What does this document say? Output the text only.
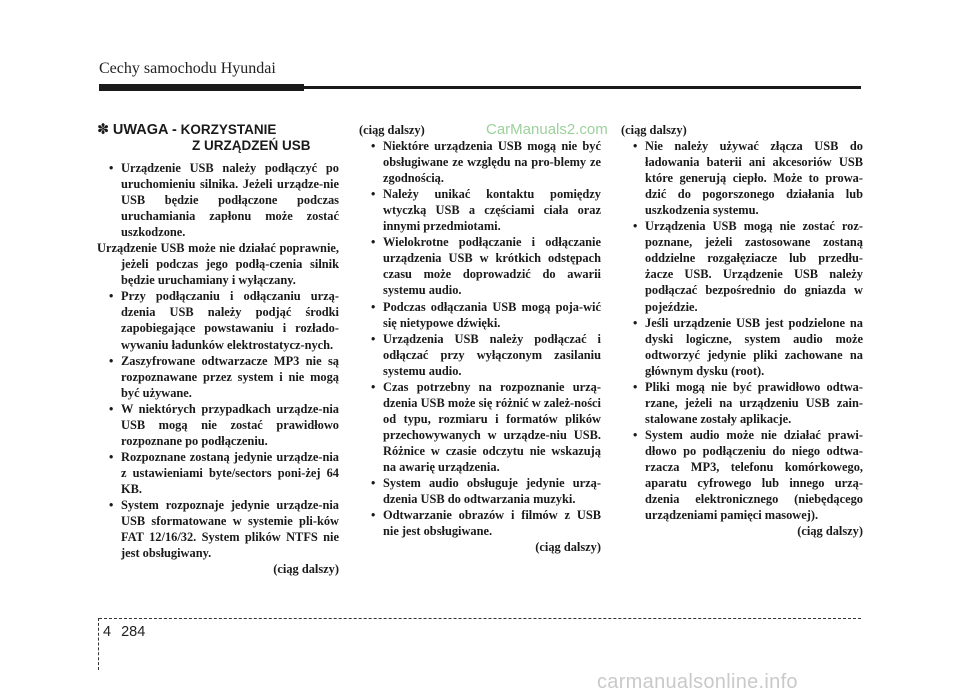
Cechy samochodu Hyundai
CarManuals2.com
✽ UWAGA - KORZYSTANIE
Z URZĄDZEŃ USB
• Urządzenie USB należy podłączyć po uruchomieniu silnika. Jeżeli urządze-nie USB będzie podłączone podczas uruchamiania zapłonu może zostać uszkodzone.

Urządzenie USB może nie działać poprawnie, jeżeli podczas jego podłą-czenia silnik będzie uruchamiany i wyłączany.

• Przy podłączaniu i odłączaniu urzą-dzenia USB należy podjąć środki zapobiegające powstawaniu i rozłado-wywaniu ładunków elektrostatycz-nych.
• Zaszyfrowane odtwarzacze MP3 nie są rozpoznawane przez system i nie mogą być używane.
• W niektórych przypadkach urządze-nia USB mogą nie zostać prawidłowo rozpoznane po podłączeniu.
• Rozpoznane zostaną jedynie urządze-nia z ustawieniami byte/sectors poni-żej 64 KB.
• System rozpoznaje jedynie urządze-nia USB sformatowane w systemie pli-ków FAT 12/16/32. System plików NTFS nie jest obsługiwany.

(ciąg dalszy)

(ciąg dalszy)

• Niektóre urządzenia USB mogą nie być obsługiwane ze względu na pro-blemy ze zgodnością.
• Należy unikać kontaktu pomiędzy wtyczką USB a częściami ciała oraz innymi przedmiotami.
• Wielokrotne podłączanie i odłączanie urządzenia USB w krótkich odstępach czasu może doprowadzić do awarii systemu audio.
• Podczas odłączania USB mogą poja-wić się nietypowe dźwięki.
• Urządzenia USB należy podłączać i odłączać przy wyłączonym zasilaniu systemu audio.
• Czas potrzebny na rozpoznanie urzą-dzenia USB może się różnić w zależ-ności od typu, rozmiaru i formatów plików przechowywanych w urządze-niu USB. Różnice w czasie odczytu nie wskazują na awarię urządzenia.
• System audio obsługuje jedynie urzą-dzenia USB do odtwarzania muzyki.
• Odtwarzanie obrazów i filmów z USB nie jest obsługiwane.

(ciąg dalszy)

(ciąg dalszy)

• Nie należy używać złącza USB do ładowania baterii ani akcesoriów USB które generują ciepło. Może to prowa-dzić do pogorszonego działania lub uszkodzenia systemu.
• Urządzenia USB mogą nie zostać roz-poznane, jeżeli zastosowane zostaną oddzielne rozgałęziacze lub przedłu-żacze USB. Urządzenie USB należy podłączać bezpośrednio do gniazda w pojeździe.
• Jeśli urządzenie USB jest podzielone na dyski logiczne, system audio może odtworzyć jedynie pliki zachowane na głównym dysku (root).
• Pliki mogą nie być prawidłowo odtwa-rzane, jeżeli na urządzeniu USB zain-stalowane zostały aplikacje.
• System audio może nie działać prawi-dłowo po podłączeniu do niego odtwa-rzacza MP3, telefonu komórkowego, aparatu cyfrowego lub innego urzą-dzenia elektronicznego (niebędącego urządzeniami pamięci masowej).

(ciąg dalszy)

4 284
carmanualsonline.info
